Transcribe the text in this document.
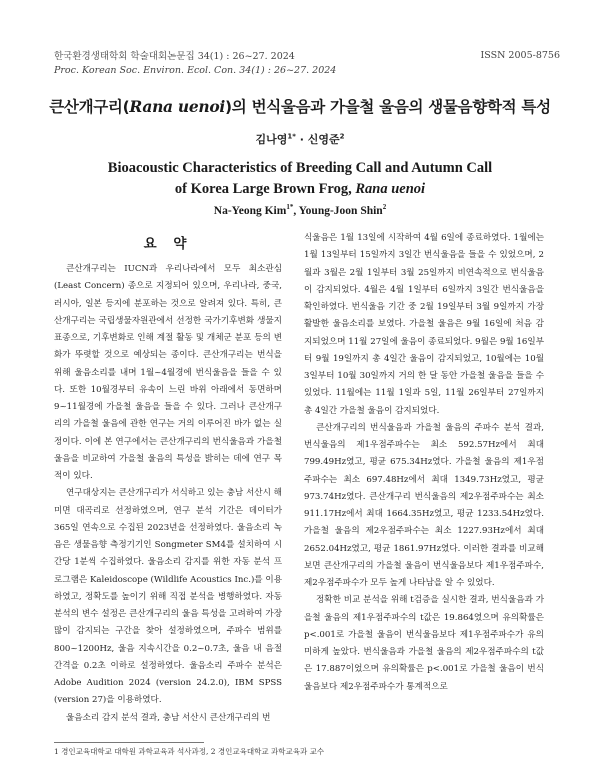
한국환경생태학회 학술대회논문집 34(1) : 26~27. 2024
Proc. Korean Soc. Environ. Ecol. Con. 34(1) : 26~27. 2024
ISSN 2005-8756
큰산개구리(Rana uenoi)의 번식울음과 가을철 울음의 생물음향학적 특성
김나영$^{1*}$ · 신영준$^2$
Bioacoustic Characteristics of Breeding Call and Autumn Call
of Korea Large Brown Frog, Rana uenoi
Na-Yeong Kim$^{1*}$, Young-Joon Shin$^2$
요 약

큰산개구리는 IUCN과 우리나라에서 모두 최소관심(Least Concern) 종으로 지정되어 있으며, 우리나라, 중국, 러시아, 일본 등지에 분포하는 것으로 알려져 있다. 특히, 큰산개구리는 국립생물자원관에서 선정한 국가기후변화 생물지표종으로, 기후변화로 인해 계절 활동 및 개체군 분포 등의 변화가 뚜렷할 것으로 예상되는 종이다. 큰산개구리는 번식을 위해 울음소리를 내며 1월~4월경에 번식울음을 들을 수 있다. 또한 10월경부터 유속이 느린 바위 아래에서 동면하며 9~11월경에 가을철 울음을 들을 수 있다. 그러나 큰산개구리의 가을철 울음에 관한 연구는 거의 이루어진 바가 없는 실정이다. 이에 본 연구에서는 큰산개구리의 번식울음과 가을철 울음을 비교하여 가을철 울음의 특성을 밝히는 데에 연구 목적이 있다.

연구대상지는 큰산개구리가 서식하고 있는 충남 서산시 해미면 대곡리로 선정하였으며, 연구 분석 기간은 데이터가 365일 연속으로 수집된 2023년을 선정하였다. 울음소리 녹음은 생물음향 측정기기인 Songmeter SM4를 설치하여 시간당 1분씩 수집하였다. 울음소리 감지를 위한 자동 분석 프로그램은 Kaleidoscope (Wildlife Acoustics Inc.)를 이용하였고, 정확도를 높이기 위해 직접 분석을 병행하였다. 자동 분석의 변수 설정은 큰산개구리의 울음 특성을 고려하여 가장 많이 감지되는 구간을 찾아 설정하였으며, 주파수 범위를 800~1200Hz, 울음 지속시간을 0.2~0.7초, 울음 내 음절 간격을 0.2초 이하로 설정하였다. 울음소리 주파수 분석은 Adobe Audition 2024 (version 24.2.0), IBM SPSS (version 27)을 이용하였다.

울음소리 감지 분석 결과, 충남 서산시 큰산개구리의 번

식울음은 1월 13일에 시작하여 4월 6일에 종료하였다. 1월에는 1월 13일부터 15일까지 3일간 번식울음을 들을 수 있었으며, 2월과 3월은 2월 1일부터 3월 25일까지 비연속적으로 번식울음이 감지되었다. 4월은 4월 1일부터 6일까지 3일간 번식울음을 확인하였다. 번식울음 기간 중 2월 19일부터 3월 9일까지 가장 활발한 울음소리를 보였다. 가을철 울음은 9월 16일에 처음 감지되었으며 11월 27일에 울음이 종료되었다. 9월은 9월 16일부터 9월 19일까지 총 4일간 울음이 감지되었고, 10월에는 10월 3일부터 10월 30일까지 거의 한 달 동안 가을철 울음을 들을 수 있었다. 11월에는 11월 1일과 5일, 11월 26일부터 27일까지 총 4일간 가을철 울음이 감지되었다.

큰산개구리의 번식울음과 가을철 울음의 주파수 분석 결과, 번식울음의 제1우점주파수는 최소 592.57Hz에서 최대 799.49Hz였고, 평균 675.34Hz였다. 가을철 울음의 제1우점주파수는 최소 697.48Hz에서 최대 1349.73Hz였고, 평균 973.74Hz였다. 큰산개구리 번식울음의 제2우점주파수는 최소 911.17Hz에서 최대 1664.35Hz였고, 평균 1233.54Hz였다. 가을철 울음의 제2우점주파수는 최소 1227.93Hz에서 최대 2652.04Hz였고, 평균 1861.97Hz였다. 이러한 결과를 비교해 보면 큰산개구리의 가을철 울음이 번식울음보다 제1우점주파수, 제2우점주파수가 모두 높게 나타남을 알 수 있었다.

정확한 비교 분석을 위해 t검증을 실시한 결과, 번식울음과 가을철 울음의 제1우점주파수의 t값은 19.864였으며 유의확률은 p<.001로 가을철 울음이 번식울음보다 제1우점주파수가 유의미하게 높았다. 번식울음과 가을철 울음의 제2우점주파수의 t값은 17.887이었으며 유의확률은 p<.001로 가을철 울음이 번식울음보다 제2우점주파수가 통계적으로

1 경인교육대학교 대학원 과학교육과 석사과정, 2 경인교육대학교 과학교육과 교수
